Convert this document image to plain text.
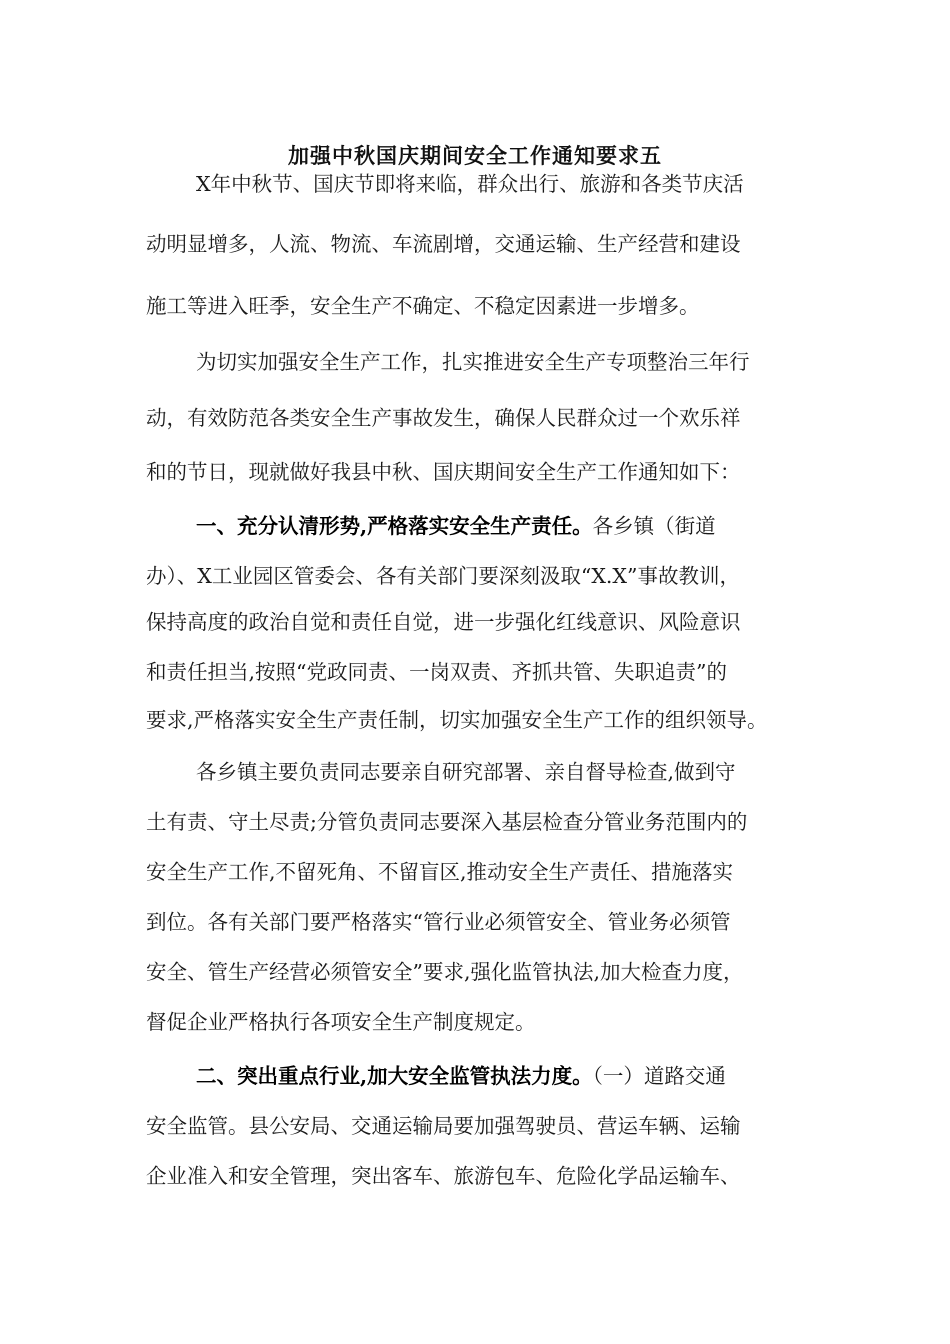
加强中秋国庆期间安全工作通知要求五
X年中秋节、国庆节即将来临，群众出行、旅游和各类节庆活
动明显增多，人流、物流、车流剧增，交通运输、生产经营和建设
施工等进入旺季，安全生产不确定、不稳定因素进一步增多。
为切实加强安全生产工作，扎实推进安全生产专项整治三年行
动，有效防范各类安全生产事故发生，确保人民群众过一个欢乐祥
和的节日，现就做好我县中秋、国庆期间安全生产工作通知如下：
一、充分认清形势,严格落实安全生产责任。各乡镇（街道
办）、X工业园区管委会、各有关部门要深刻汲取“X.X”事故教训，
保持高度的政治自觉和责任自觉，进一步强化红线意识、风险意识
和责任担当,按照“党政同责、一岗双责、齐抓共管、失职追责”的
要求,严格落实安全生产责任制，切实加强安全生产工作的组织领导。
各乡镇主要负责同志要亲自研究部署、亲自督导检查,做到守
土有责、守土尽责;分管负责同志要深入基层检查分管业务范围内的
安全生产工作,不留死角、不留盲区,推动安全生产责任、措施落实
到位。各有关部门要严格落实“管行业必须管安全、管业务必须管
安全、管生产经营必须管安全”要求,强化监管执法,加大检查力度，
督促企业严格执行各项安全生产制度规定。
二、突出重点行业,加大安全监管执法力度。（一）道路交通
安全监管。县公安局、交通运输局要加强驾驶员、营运车辆、运输
企业准入和安全管理，突出客车、旅游包车、危险化学品运输车、
